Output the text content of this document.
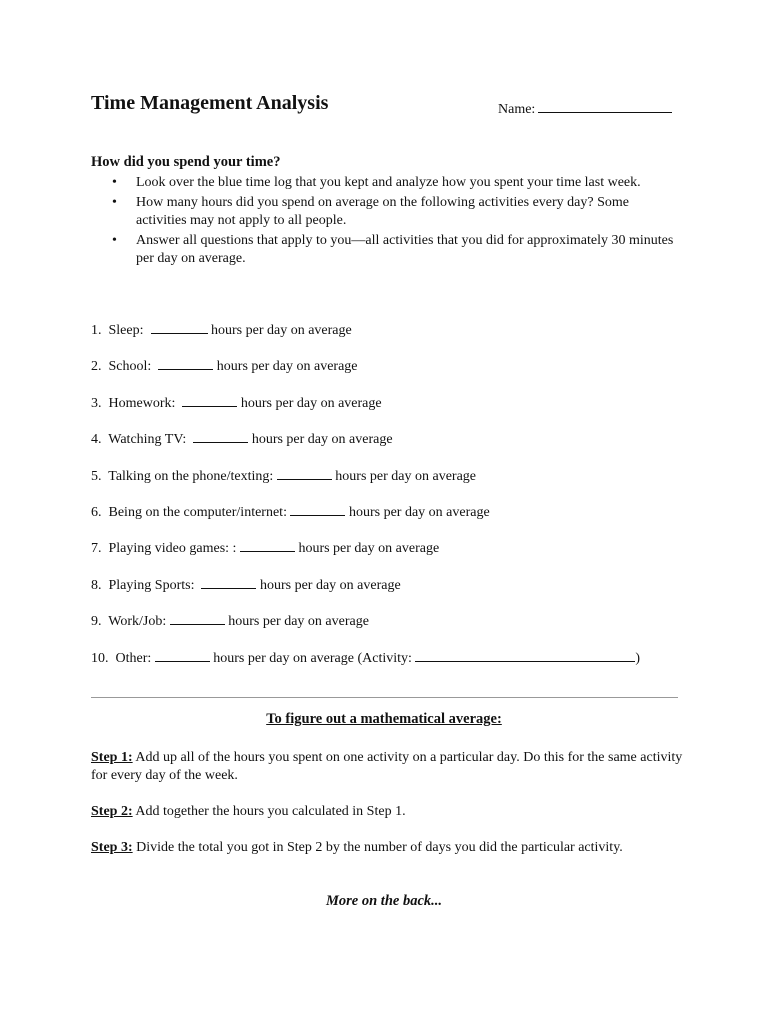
Time Management Analysis	Name:
How did you spend your time?
• Look over the blue time log that you kept and analyze how you spent your time last week.
• How many hours did you spend on average on the following activities every day? Some activities may not apply to all people.
• Answer all questions that apply to you—all activities that you did for approximately 30 minutes per day on average.
1.  Sleep:	hours per day on average
2.  School:	hours per day on average
3.  Homework:	hours per day on average
4.  Watching TV:	hours per day on average
5.  Talking on the phone/texting:	hours per day on average
6.  Being on the computer/internet:	hours per day on average
7.  Playing video games: :	hours per day on average
8.  Playing Sports:	hours per day on average
9.  Work/Job:	hours per day on average
10.  Other:	hours per day on average (Activity:	)
To figure out a mathematical average:
Step 1: Add up all of the hours you spent on one activity on a particular day. Do this for the same activity for every day of the week.
Step 2: Add together the hours you calculated in Step 1.
Step 3: Divide the total you got in Step 2 by the number of days you did the particular activity.
More on the back...
